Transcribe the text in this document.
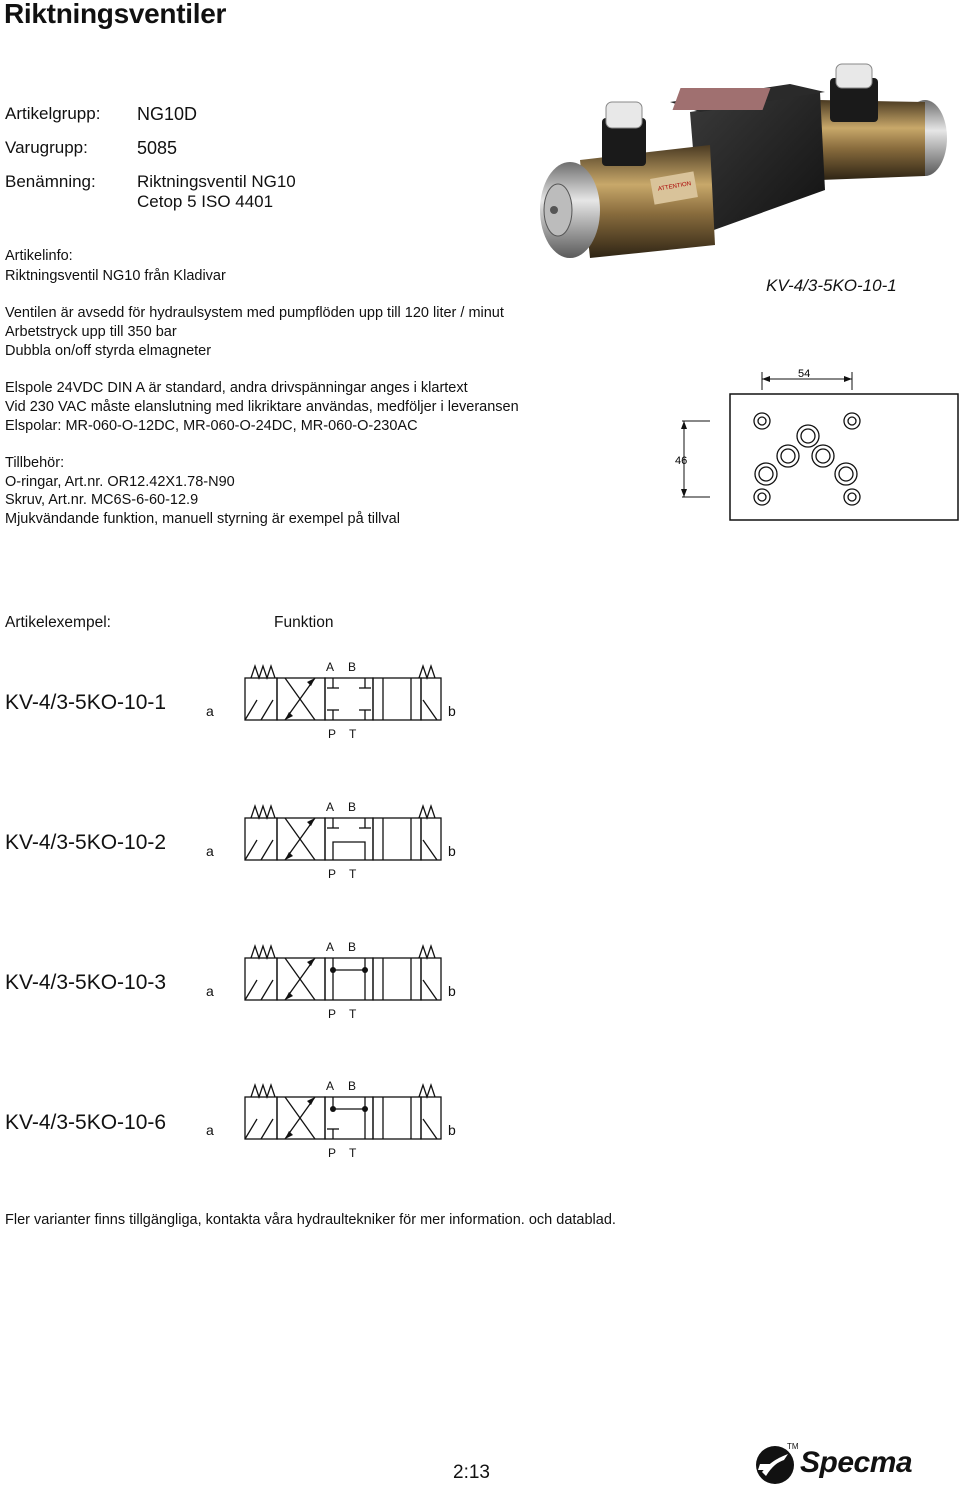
Riktningsventiler
Artikelgrupp: NG10D
Varugrupp:	5085
Benämning: Riktningsventil NG10
Cetop 5 ISO 4401
Artikelinfo:
Riktningsventil NG10 från Kladivar
Ventilen är avsedd för hydraulsystem med pumpflöden upp till 120 liter / minut
Arbetstryck upp till 350 bar
Dubbla on/off styrda elmagneter
Elspole 24VDC DIN A är standard, andra drivspänningar anges i klartext
Vid 230 VAC måste elanslutning med likriktare användas, medföljer i leveransen
Elspolar: MR-060-O-12DC, MR-060-O-24DC, MR-060-O-230AC
Tillbehör:
O-ringar, Art.nr. OR12.42X1.78-N90
Skruv, Art.nr. MC6S-6-60-12.9
Mjukvändande funktion, manuell styrning är exempel på tillval
ATTENTION
KV-4/3-5KO-10-1
54
46
Artikelexempel:	Funktion
KV-4/3-5KO-10-1
KV-4/3-5KO-10-2
KV-4/3-5KO-10-3
KV-4/3-5KO-10-6
A B
P T
a	b
A B
P T
a	b
A B
P T
a	b
A B
P T
a	b
Fler varianter finns tillgängliga, kontakta våra hydraultekniker för mer information. och datablad.
2:13	Specma
TM
